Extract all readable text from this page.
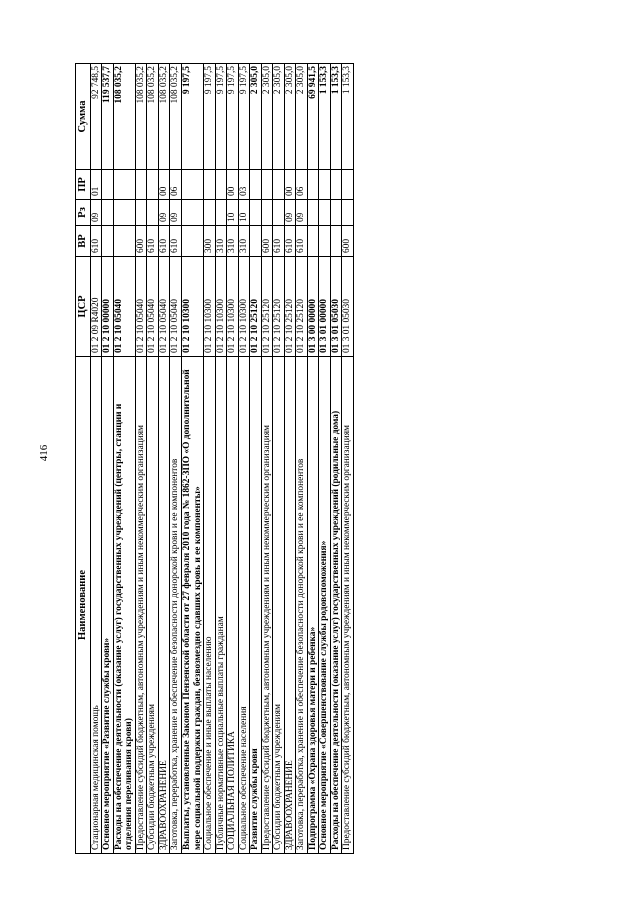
416
Наименование	ЦСР	ВР	Рз	ПР	Сумма
Стационарная медицинская помощь	01 2 09 R4020	610	09	01	92 748,5
Основное мероприятие «Развитие службы крови»	01 2 10 00000				119 537,7
Расходы на обеспечение деятельности (оказание услуг) государственных учреждений (центры, станции и отделения переливания крови)	01 2 10 05040				108 035,2
Предоставление субсидий бюджетным, автономным учреждениям и иным некоммерческим организациям	01 2 10 05040	600			108 035,2
Субсидии бюджетным учреждениям	01 2 10 05040	610			108 035,2
ЗДРАВООХРАНЕНИЕ	01 2 10 05040	610	09	00	108 035,2
Заготовка, переработка, хранение и обеспечение безопасности донорской крови и ее компонентов	01 2 10 05040	610	09	06	108 035,2
Выплаты, установленные Законом Пензенской области от 27 февраля 2010 года № 1862-ЗПО «О дополнительной мере социальной поддержки граждан, безвозмездно сдавших кровь и ее компоненты»	01 2 10 10300				9 197,5
Социальное обеспечение и иные выплаты населению	01 2 10 10300	300			9 197,5
Публичные нормативные социальные выплаты гражданам	01 2 10 10300	310			9 197,5
СОЦИАЛЬНАЯ ПОЛИТИКА	01 2 10 10300	310	10	00	9 197,5
Социальное обеспечение населения	01 2 10 10300	310	10	03	9 197,5
Развитие службы крови	01 2 10 25120				2 305,0
Предоставление субсидий бюджетным, автономным учреждениям и иным некоммерческим организациям	01 2 10 25120	600			2 305,0
Субсидии бюджетным учреждениям	01 2 10 25120	610			2 305,0
ЗДРАВООХРАНЕНИЕ	01 2 10 25120	610	09	00	2 305,0
Заготовка, переработка, хранение и обеспечение безопасности донорской крови и ее компонентов	01 2 10 25120	610	09	06	2 305,0
Подпрограмма «Охрана здоровья матери и ребенка»	01 3 00 00000				69 941,5
Основное мероприятие «Совершенствование службы родовспоможения»	01 3 01 00000				1 153,3
Расходы на обеспечение деятельности (оказание услуг) государственных учреждений (родильные дома)	01 3 01 05030				1 153,3
Предоставление субсидий бюджетным, автономным учреждениям и иным некоммерческим организациям	01 3 01 05030	600			1 153,3
